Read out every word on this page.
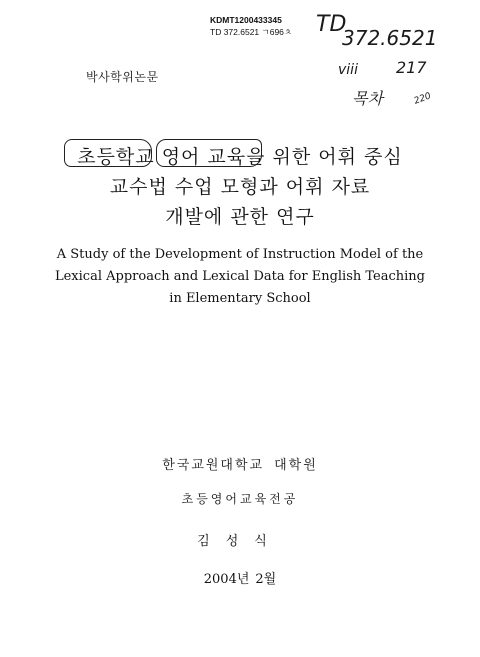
KDMT1200433345
TD 372.6521 ㄱ696ㅊ TD
372.6521
viii 217
목차	220
박사학위논문
초등학교 영어 교육을 위한 어휘 중심
교수법 수업 모형과 어휘 자료
개발에 관한 연구
A Study of the Development of Instruction Model of the
Lexical Approach and Lexical Data for English Teaching
in Elementary School
한국교원대학교 대학원
초등영어교육전공
김성식
2004년 2월
